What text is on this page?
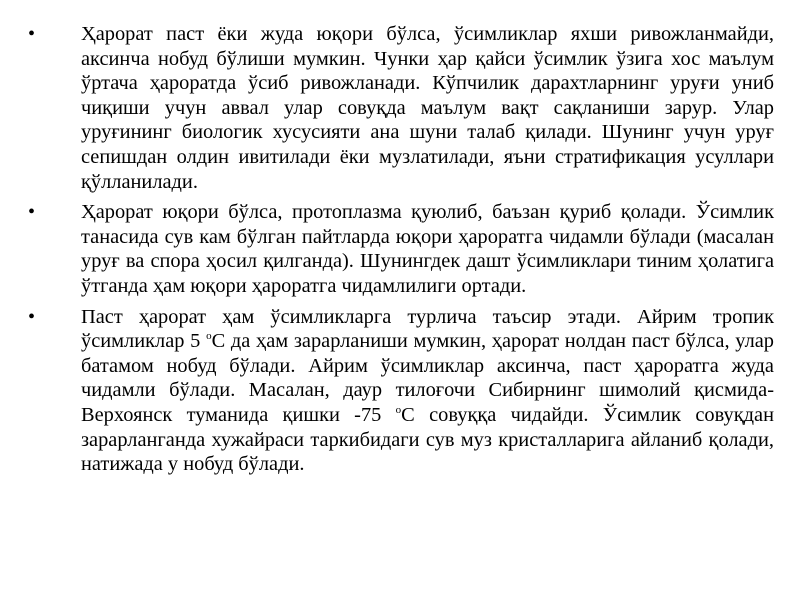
• Ҳарорат паст ёки жуда юқори бўлса, ўсимликлар яхши ривожланмайди, аксинча нобуд бўлиши мумкин. Чунки ҳар қайси ўсимлик ўзига хос маълум ўртача ҳароратда ўсиб ривожланади. Кўпчилик дарахтларнинг уруғи униб чиқиши учун аввал улар совуқда маълум вақт сақланиши зарур. Улар уруғининг биологик хусусияти ана шуни талаб қилади. Шунинг учун уруғ сепишдан олдин ивитилади ёки музлатилади, яъни стратификация усуллари қўлланилади.
• Ҳарорат юқори бўлса, протоплазма қуюлиб, баъзан қуриб қолади. Ўсимлик танасида сув кам бўлган пайтларда юқори ҳароратга чидамли бўлади (масалан уруғ ва спора ҳосил қилганда). Шунингдек дашт ўсимликлари тиним ҳолатига ўтганда ҳам юқори ҳароратга чидамлилиги ортади.
• Паст ҳарорат ҳам ўсимликларга турлича таъсир этади. Айрим тропик ўсимликлар 5 $^о$С да ҳам зарарланиши мумкин, ҳарорат нолдан паст бўлса, улар батамом нобуд бўлади. Айрим ўсимликлар аксинча, паст ҳароратга жуда чидамли бўлади. Масалан, даур тилоғочи Сибирнинг шимолий қисмида-Верхоянск туманида қишки -75 $^о$С совуққа чидайди. Ўсимлик совуқдан зарарланганда хужайраси таркибидаги сув муз кристалларига айланиб қолади, натижада у нобуд бўлади.
